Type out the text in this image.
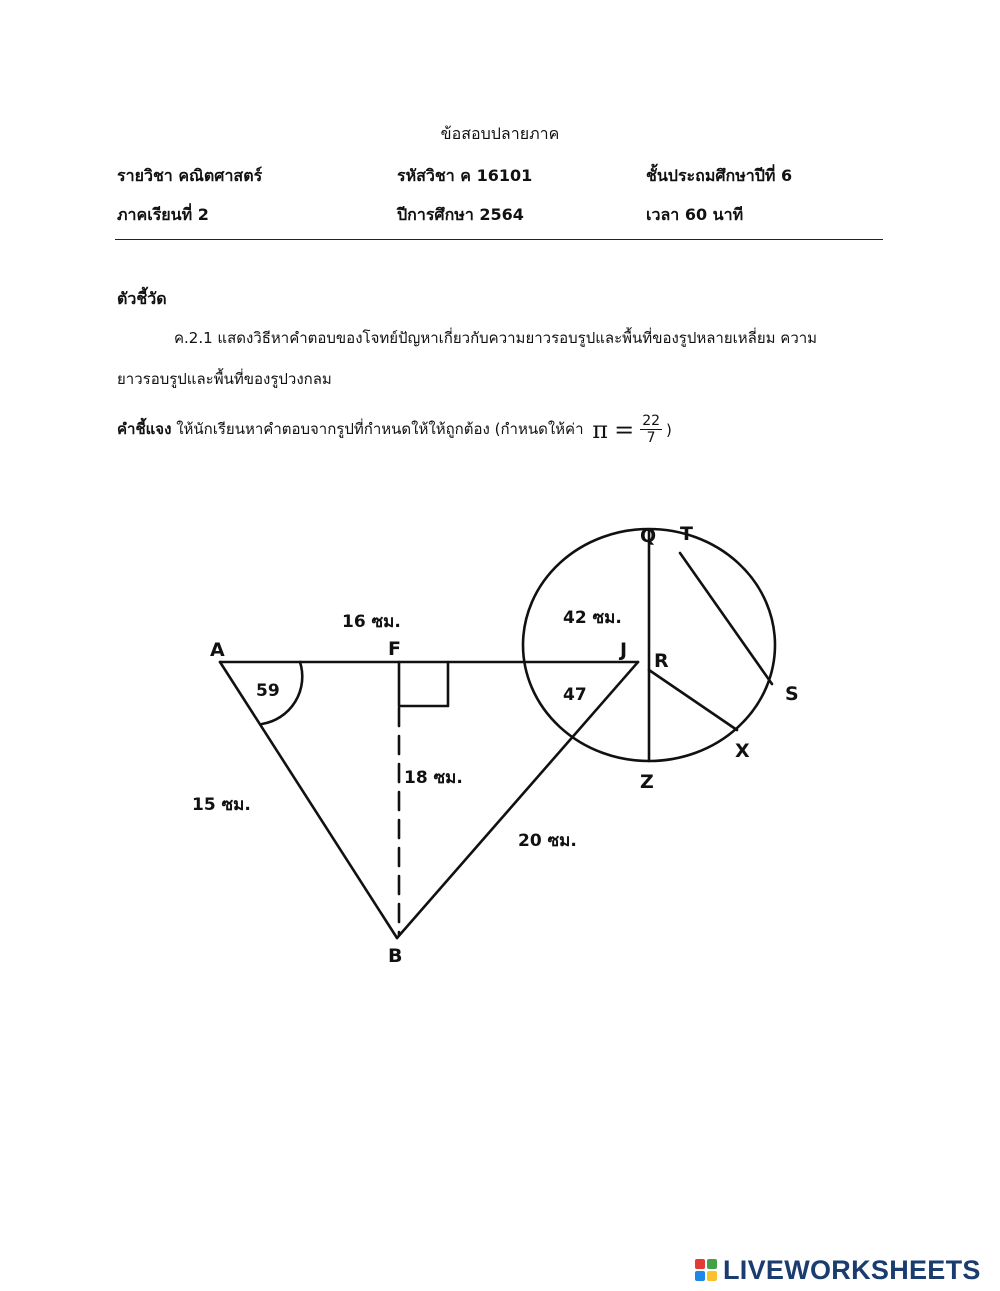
ข้อสอบปลายภาค
รายวิชา คณิตศาสตร์	รหัสวิชา ค 16101	ชั้นประถมศึกษาปีที่ 6
ภาคเรียนที่ 2	ปีการศึกษา 2564	เวลา 60 นาที
ตัวชี้วัด
ค.2.1 แสดงวิธีหาคำตอบของโจทย์ปัญหาเกี่ยวกับความยาวรอบรูปและพื้นที่ของรูปหลายเหลี่ยม ความ
ยาวรอบรูปและพื้นที่ของรูปวงกลม
คำชี้แจง ให้นักเรียนหาคำตอบจากรูปที่กำหนดให้ให้ถูกต้อง (กำหนดให้ค่า $\pi = \frac{22}{7}$ )
A	F	J
B
Q T
R
S
X
Z
16 ซม.
15 ซม.
18 ซม.
20 ซม.
42 ซม.
59	47
LIVEWORKSHEETS
